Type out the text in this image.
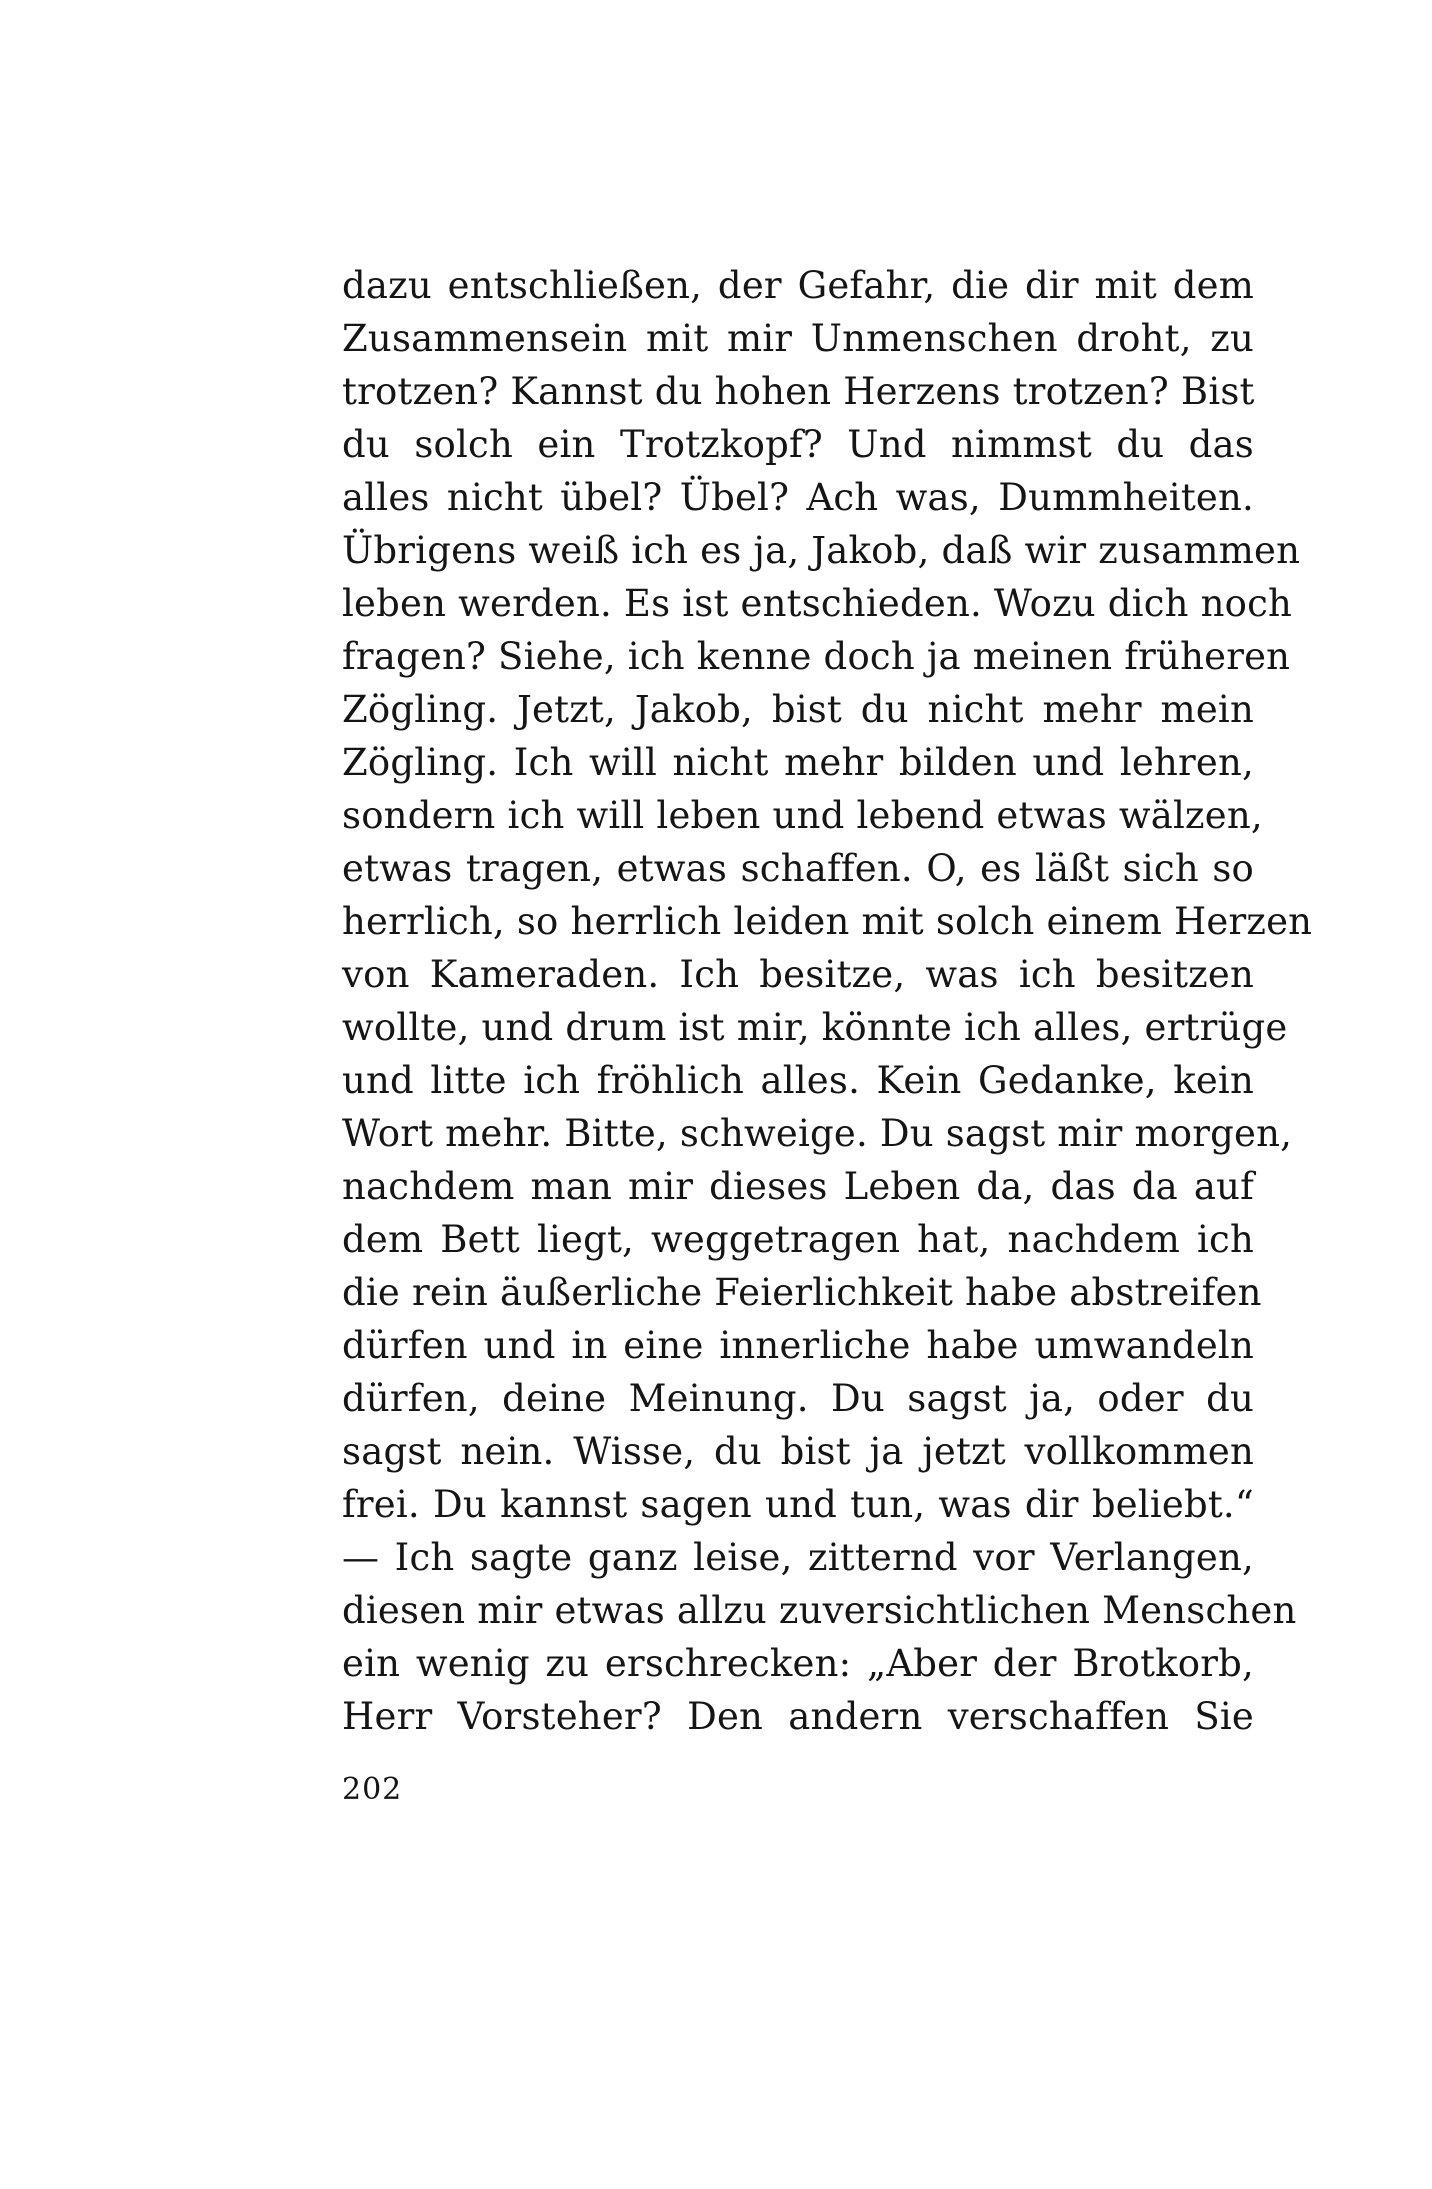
dazu entschließen, der Gefahr, die dir mit dem
Zusammensein mit mir Unmenschen droht, zu
trotzen? Kannst du hohen Herzens trotzen? Bist
du solch ein Trotzkopf? Und nimmst du das
alles nicht übel? Übel? Ach was, Dummheiten.
Übrigens weiß ich es ja, Jakob, daß wir zusammen
leben werden. Es ist entschieden. Wozu dich noch
fragen? Siehe, ich kenne doch ja meinen früheren
Zögling. Jetzt, Jakob, bist du nicht mehr mein
Zögling. Ich will nicht mehr bilden und lehren,
sondern ich will leben und lebend etwas wälzen,
etwas tragen, etwas schaffen. O, es läßt sich so
herrlich, so herrlich leiden mit solch einem Herzen
von Kameraden. Ich besitze, was ich besitzen
wollte, und drum ist mir, könnte ich alles, ertrüge
und litte ich fröhlich alles. Kein Gedanke, kein
Wort mehr. Bitte, schweige. Du sagst mir morgen,
nachdem man mir dieses Leben da, das da auf
dem Bett liegt, weggetragen hat, nachdem ich
die rein äußerliche Feierlichkeit habe abstreifen
dürfen und in eine innerliche habe umwandeln
dürfen, deine Meinung. Du sagst ja, oder du
sagst nein. Wisse, du bist ja jetzt vollkommen
frei. Du kannst sagen und tun, was dir beliebt.“
— Ich sagte ganz leise, zitternd vor Verlangen,
diesen mir etwas allzu zuversichtlichen Menschen
ein wenig zu erschrecken: „Aber der Brotkorb,
Herr Vorsteher? Den andern verschaffen Sie
202
